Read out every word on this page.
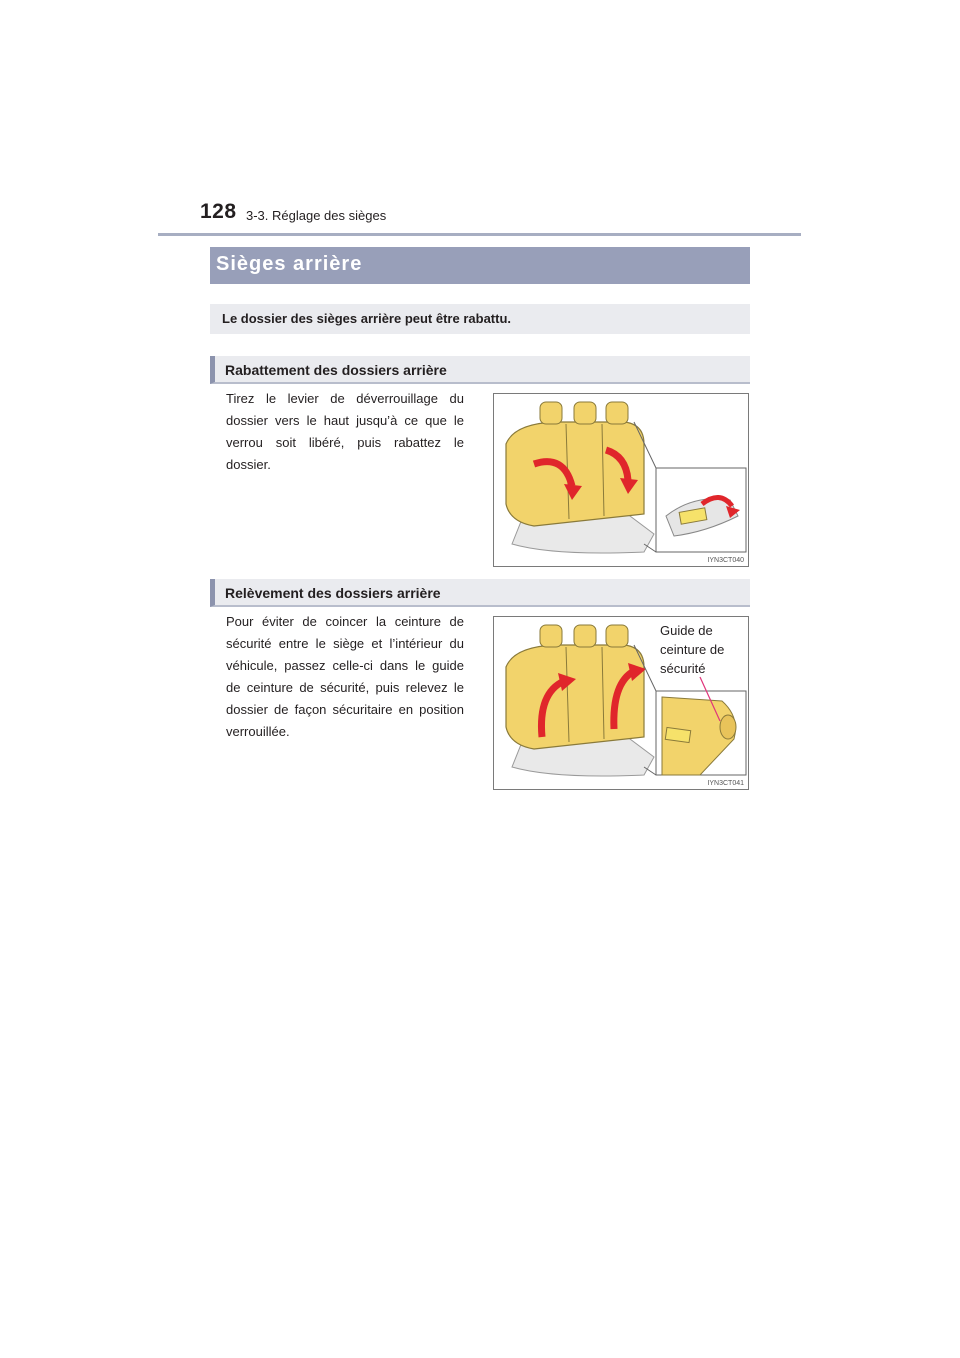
128 3-3. Réglage des sièges
Sièges arrière
Le dossier des sièges arrière peut être rabattu.
Rabattement des dossiers arrière
Tirez le levier de déverrouillage du dossier vers le haut jusqu’à ce que le verrou soit libéré, puis rabattez le dossier.
IYN3CT040
Relèvement des dossiers arrière
Pour éviter de coincer la ceinture de sécurité entre le siège et l’intérieur du véhicule, passez celle-ci dans le guide de ceinture de sécurité, puis relevez le dossier de façon sécuritaire en position verrouillée.
IYN3CT041
Guide de ceinture de sécurité
